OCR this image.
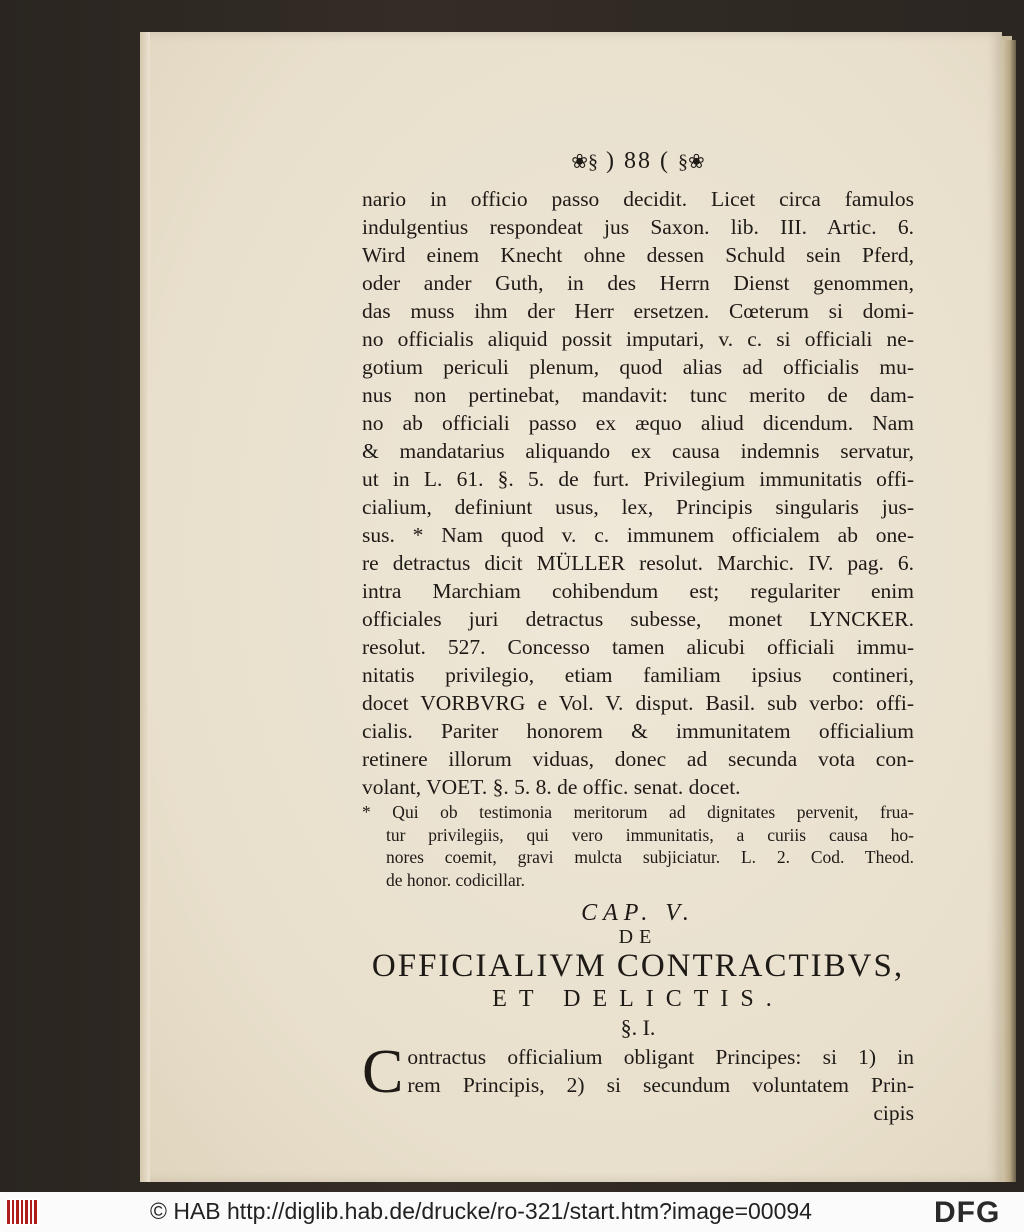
❀§ ) 88 ( §❀

nario in officio passo decidit. Licet circa famulos

indulgentius respondeat jus Saxon. lib. III. Artic. 6.

Wird einem Knecht ohne dessen Schuld sein Pferd,

oder ander Guth, in des Herrn Dienst genommen,

das muss ihm der Herr ersetzen. Cœterum si domi-

no officialis aliquid possit imputari, v. c. si officiali ne-

gotium periculi plenum, quod alias ad officialis mu-

nus non pertinebat, mandavit: tunc merito de dam-

no ab officiali passo ex æquo aliud dicendum. Nam

& mandatarius aliquando ex causa indemnis servatur,

ut in L. 61. §. 5. de furt. Privilegium immunitatis offi-

cialium, definiunt usus, lex, Principis singularis jus-

sus. * Nam quod v. c. immunem officialem ab one-

re detractus dicit MÜLLER resolut. Marchic. IV. pag. 6.

intra Marchiam cohibendum est; regulariter enim

officiales juri detractus subesse, monet LYNCKER.

resolut. 527. Concesso tamen alicubi officiali immu-

nitatis privilegio, etiam familiam ipsius contineri,

docet VORBVRG e Vol. V. disput. Basil. sub verbo: offi-

cialis. Pariter honorem & immunitatem officialium

retinere illorum viduas, donec ad secunda vota con-

volant, VOET. §. 5. 8. de offic. senat. docet.

* Qui ob testimonia meritorum ad dignitates pervenit, frua-

tur privilegiis, qui vero immunitatis, a curiis causa ho-

nores coemit, gravi mulcta subjiciatur. L. 2. Cod. Theod.

de honor. codicillar.

CAP. V.
DE
OFFICIALIVM CONTRACTIBVS,
ET DELICTIS.
§. I.
C ontractus officialium obligant Principes: si 1) in

rem Principis, 2) si secundum voluntatem Prin-

cipis

© HAB http://diglib.hab.de/drucke/ro-321/start.htm?image=00094	DFG
